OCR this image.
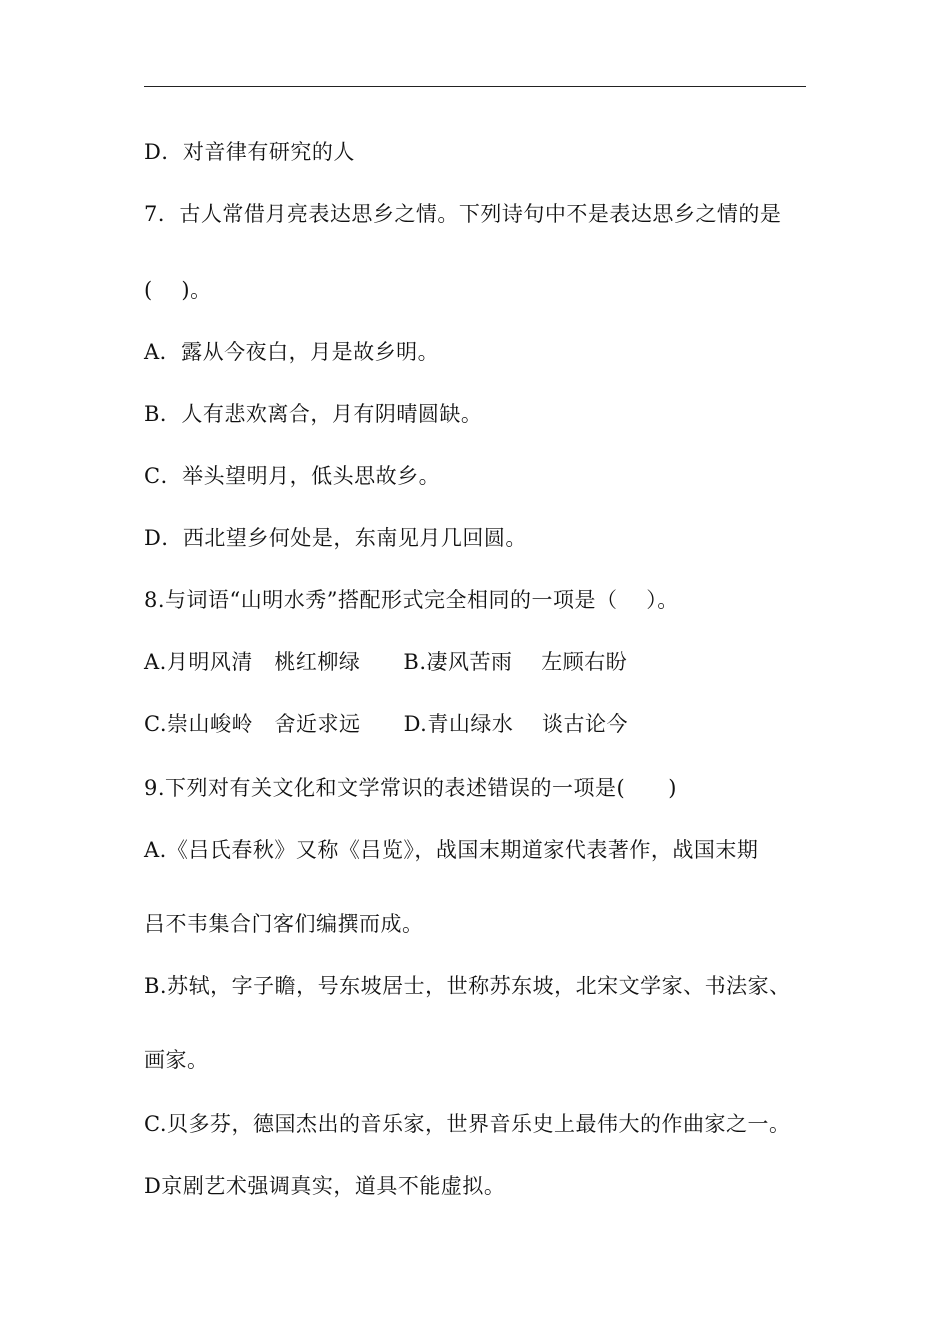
D．对音律有研究的人
7．古人常借月亮表达思乡之情。下列诗句中不是表达思乡之情的是
(    )。
A．露从今夜白，月是故乡明。
B．人有悲欢离合，月有阴晴圆缺。
C．举头望明月，低头思故乡。
D．西北望乡何处是，东南见月几回圆。
8.与词语“山明水秀”搭配形式完全相同的一项是（    ）。
A.月明风清   桃红柳绿      B.凄风苦雨    左顾右盼
C.崇山峻岭   舍近求远      D.青山绿水    谈古论今
9.下列对有关文化和文学常识的表述错误的一项是(      )
A.《吕氏春秋》又称《吕览》，战国末期道家代表著作，战国末期
吕不韦集合门客们编撰而成。
B.苏轼，字子瞻，号东坡居士，世称苏东坡，北宋文学家、书法家、
画家。
C.贝多芬，德国杰出的音乐家，世界音乐史上最伟大的作曲家之一。
D京剧艺术强调真实，道具不能虚拟。
